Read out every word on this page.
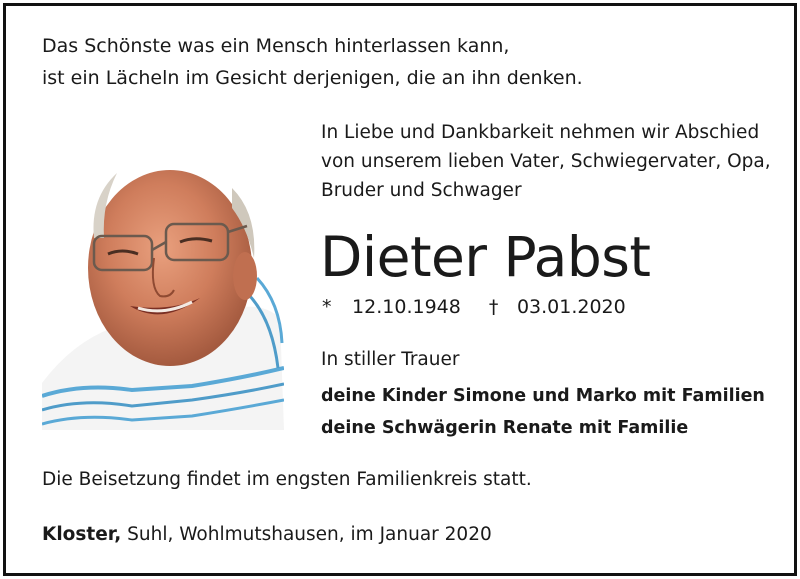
Das Schönste was ein Mensch hinterlassen kann,
ist ein Lächeln im Gesicht derjenigen, die an ihn denken.
In Liebe und Dankbarkeit nehmen wir Abschied
von unserem lieben Vater, Schwiegervater, Opa,
Bruder und Schwager
Dieter Pabst
* 12.10.1948 † 03.01.2020
In stiller Trauer
deine Kinder Simone und Marko mit Familien
deine Schwägerin Renate mit Familie
Die Beisetzung findet im engsten Familienkreis statt.
Kloster, Suhl, Wohlmutshausen, im Januar 2020
